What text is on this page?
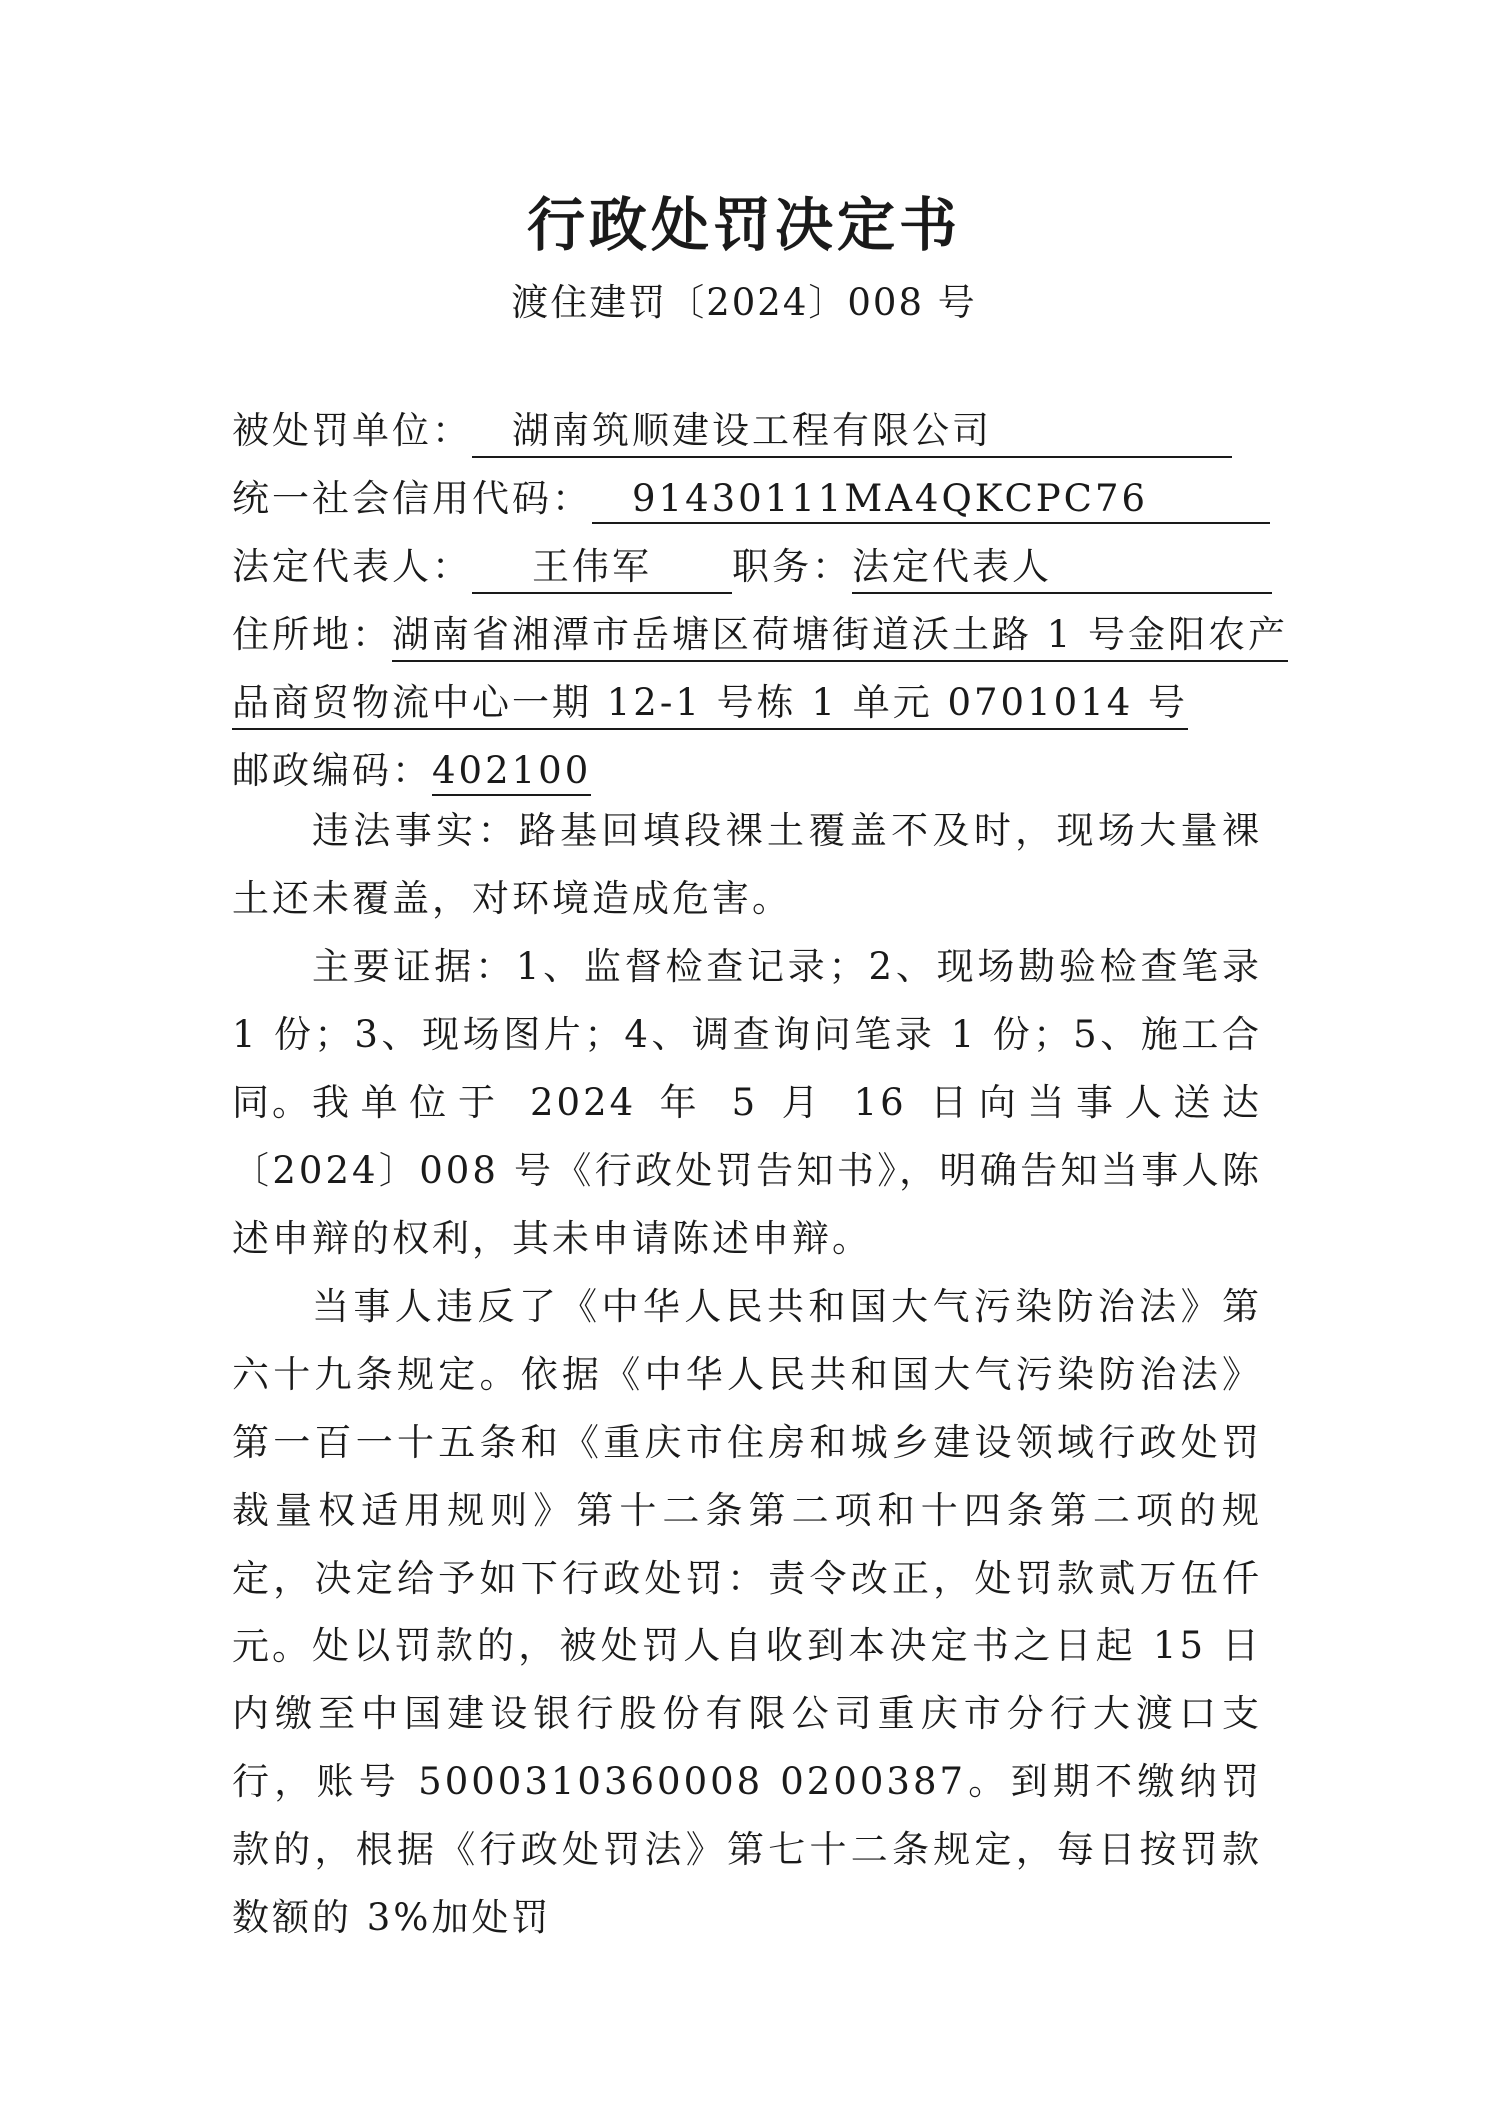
行政处罚决定书
渡住建罚〔2024〕008 号
被处罚单位： 湖南筑顺建设工程有限公司
统一社会信用代码： 91430111MA4QKCPC76
法定代表人： 王伟军 职务：法定代表人
住所地：湖南省湘潭市岳塘区荷塘街道沃土路 1 号金阳农产
品商贸物流中心一期 12-1 号栋 1 单元 0701014 号
邮政编码：402100
违法事实：路基回填段裸土覆盖不及时，现场大量裸土还未覆盖，对环境造成危害。
主要证据：1、监督检查记录；2、现场勘验检查笔录 1 份；3、现场图片；4、调查询问笔录 1 份；5、施工合同。 我单位于 2024 年 5 月 16 日向当事人送达〔2024〕008 号《行政处罚告知书》，明确告知当事人陈述申辩的权利，其未申请陈述申辩。
当事人违反了《中华人民共和国大气污染防治法》第六十九条规定。依据《中华人民共和国大气污染防治法》第一百一十五条和《重庆市住房和城乡建设领域行政处罚裁量权适用规则》第十二条第二项和十四条第二项的规定，决定给予如下行政处罚：责令改正，处罚款贰万伍仟元。 处以罚款的，被处罚人自收到本决定书之日起 15 日内缴至中国建设银行股份有限公司重庆市分行大渡口支行，账号 5000310360008 0200387。到期不缴纳罚款的，根据《行政处罚法》第七十二条规定，每日按罚款数额的 3%加处罚
